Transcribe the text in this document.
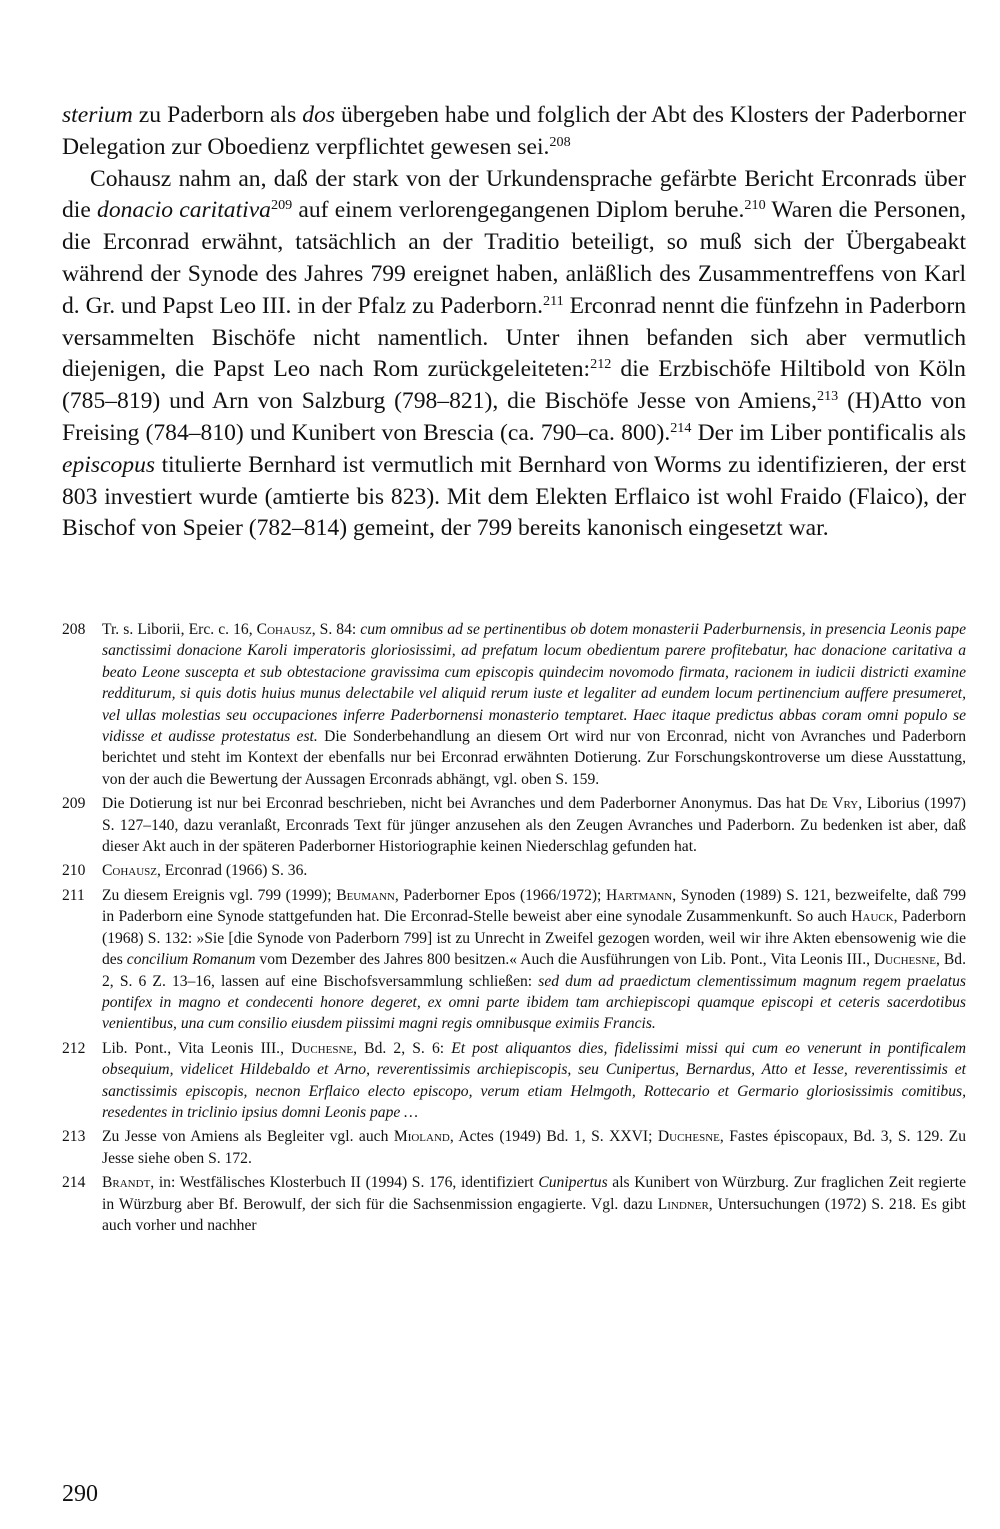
sterium zu Paderborn als dos übergeben habe und folglich der Abt des Klosters der Paderborner Delegation zur Oboedienz verpflichtet gewesen sei.$^{208}$

Cohausz nahm an, daß der stark von der Urkundensprache gefärbte Bericht Erconrads über die donacio caritativa$^{209}$ auf einem verlorengegangenen Diplom beruhe.$^{210}$ Waren die Personen, die Erconrad erwähnt, tatsächlich an der Traditio beteiligt, so muß sich der Übergabeakt während der Synode des Jahres 799 ereignet haben, anläßlich des Zusammentreffens von Karl d. Gr. und Papst Leo III. in der Pfalz zu Paderborn.$^{211}$ Erconrad nennt die fünfzehn in Paderborn versammelten Bischöfe nicht namentlich. Unter ihnen befanden sich aber vermutlich diejenigen, die Papst Leo nach Rom zurückgeleiteten:$^{212}$ die Erzbischöfe Hiltibold von Köln (785–819) und Arn von Salzburg (798–821), die Bischöfe Jesse von Amiens,$^{213}$ (H)Atto von Freising (784–810) und Kunibert von Brescia (ca. 790–ca. 800).$^{214}$ Der im Liber pontificalis als episcopus titulierte Bernhard ist vermutlich mit Bernhard von Worms zu identifizieren, der erst 803 investiert wurde (amtierte bis 823). Mit dem Elekten Erflaico ist wohl Fraido (Flaico), der Bischof von Speier (782–814) gemeint, der 799 bereits kanonisch eingesetzt war.

208 Tr. s. Liborii, Erc. c. 16, Cohausz, S. 84: cum omnibus ad se pertinentibus ob dotem monasterii Paderburnensis, in presencia Leonis pape sanctissimi donacione Karoli imperatoris gloriosissimi, ad prefatum locum obedientum parere profitebatur, hac donacione caritativa a beato Leone suscepta et sub obtestacione gravissima cum episcopis quindecim novomodo firmata, racionem in iudicii districti examine redditurum, si quis dotis huius munus delectabile vel aliquid rerum iuste et legaliter ad eundem locum pertinencium auffere presumeret, vel ullas molestias seu occupaciones inferre Paderbornensi monasterio temptaret. Haec itaque predictus abbas coram omni populo se vidisse et audisse protestatus est. Die Sonderbehandlung an diesem Ort wird nur von Erconrad, nicht von Avranches und Paderborn berichtet und steht im Kontext der ebenfalls nur bei Erconrad erwähnten Dotierung. Zur Forschungskontroverse um diese Ausstattung, von der auch die Bewertung der Aussagen Erconrads abhängt, vgl. oben S. 159.
209 Die Dotierung ist nur bei Erconrad beschrieben, nicht bei Avranches und dem Paderborner Anonymus. Das hat De Vry, Liborius (1997) S. 127–140, dazu veranlaßt, Erconrads Text für jünger anzusehen als den Zeugen Avranches und Paderborn. Zu bedenken ist aber, daß dieser Akt auch in der späteren Paderborner Historiographie keinen Niederschlag gefunden hat.
210 Cohausz, Erconrad (1966) S. 36.
211 Zu diesem Ereignis vgl. 799 (1999); Beumann, Paderborner Epos (1966/1972); Hartmann, Synoden (1989) S. 121, bezweifelte, daß 799 in Paderborn eine Synode stattgefunden hat. Die Erconrad-Stelle beweist aber eine synodale Zusammenkunft. So auch Hauck, Paderborn (1968) S. 132: »Sie [die Synode von Paderborn 799] ist zu Unrecht in Zweifel gezogen worden, weil wir ihre Akten ebensowenig wie die des concilium Romanum vom Dezember des Jahres 800 besitzen.« Auch die Ausführungen von Lib. Pont., Vita Leonis III., Duchesne, Bd. 2, S. 6 Z. 13–16, lassen auf eine Bischofsversammlung schließen: sed dum ad praedictum clementissimum magnum regem praelatus pontifex in magno et condecenti honore degeret, ex omni parte ibidem tam archiepiscopi quamque episcopi et ceteris sacerdotibus venientibus, una cum consilio eiusdem piissimi magni regis omnibusque eximiis Francis.
212 Lib. Pont., Vita Leonis III., Duchesne, Bd. 2, S. 6: Et post aliquantos dies, fidelissimi missi qui cum eo venerunt in pontificalem obsequium, videlicet Hildebaldo et Arno, reverentissimis archiepiscopis, seu Cunipertus, Bernardus, Atto et Iesse, reverentissimis et sanctissimis episcopis, necnon Erflaico electo episcopo, verum etiam Helmgoth, Rottecario et Germario gloriosissimis comitibus, resedentes in triclinio ipsius domni Leonis pape …
213 Zu Jesse von Amiens als Begleiter vgl. auch Mioland, Actes (1949) Bd. 1, S. XXVI; Duchesne, Fastes épiscopaux, Bd. 3, S. 129. Zu Jesse siehe oben S. 172.
214 Brandt, in: Westfälisches Klosterbuch II (1994) S. 176, identifiziert Cunipertus als Kunibert von Würzburg. Zur fraglichen Zeit regierte in Würzburg aber Bf. Berowulf, der sich für die Sachsenmission engagierte. Vgl. dazu Lindner, Untersuchungen (1972) S. 218. Es gibt auch vorher und nachher
290
